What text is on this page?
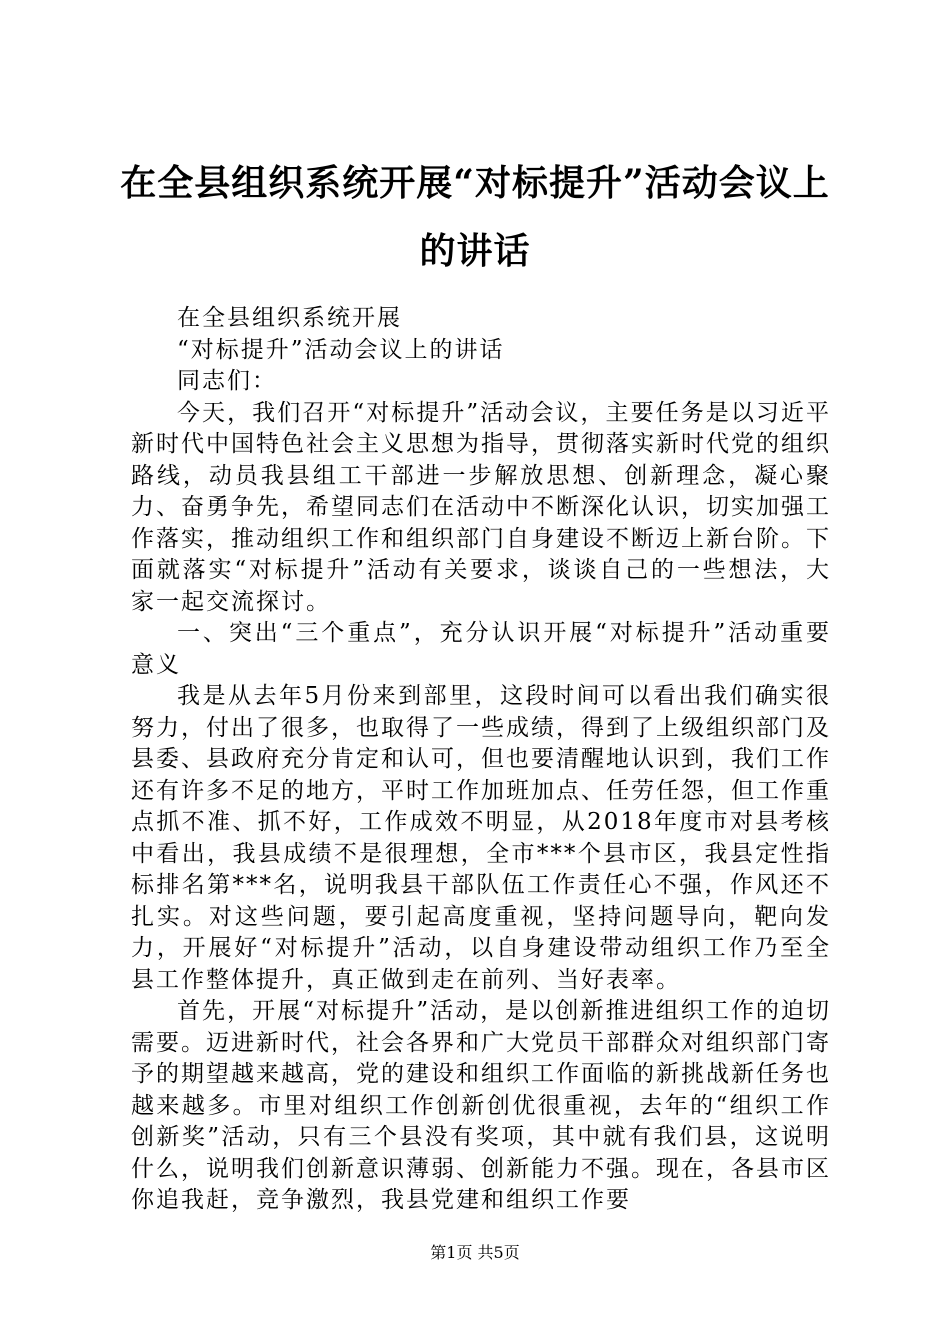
在全县组织系统开展“对标提升”活动会议上
的讲话

在全县组织系统开展

“对标提升”活动会议上的讲话

同志们：

今天，我们召开“对标提升”活动会议，主要任务是以习近平新时代中国特色社会主义思想为指导，贯彻落实新时代党的组织路线，动员我县组工干部进一步解放思想、创新理念，凝心聚力、奋勇争先，希望同志们在活动中不断深化认识，切实加强工作落实，推动组织工作和组织部门自身建设不断迈上新台阶。下面就落实“对标提升”活动有关要求，谈谈自己的一些想法，大家一起交流探讨。

一、突出“三个重点”，充分认识开展“对标提升”活动重要意义

我是从去年5月份来到部里，这段时间可以看出我们确实很努力，付出了很多，也取得了一些成绩，得到了上级组织部门及县委、县政府充分肯定和认可，但也要清醒地认识到，我们工作还有许多不足的地方，平时工作加班加点、任劳任怨，但工作重点抓不准、抓不好，工作成效不明显，从2018年度市对县考核中看出，我县成绩不是很理想，全市***个县市区，我县定性指标排名第***名，说明我县干部队伍工作责任心不强，作风还不扎实。对这些问题，要引起高度重视，坚持问题导向，靶向发力，开展好“对标提升”活动，以自身建设带动组织工作乃至全县工作整体提升，真正做到走在前列、当好表率。

首先，开展“对标提升”活动，是以创新推进组织工作的迫切需要。迈进新时代，社会各界和广大党员干部群众对组织部门寄予的期望越来越高，党的建设和组织工作面临的新挑战新任务也越来越多。市里对组织工作创新创优很重视，去年的“组织工作创新奖”活动，只有三个县没有奖项，其中就有我们县，这说明什么，说明我们创新意识薄弱、创新能力不强。现在，各县市区你追我赶，竞争激烈，我县党建和组织工作要

第1页 共5页
